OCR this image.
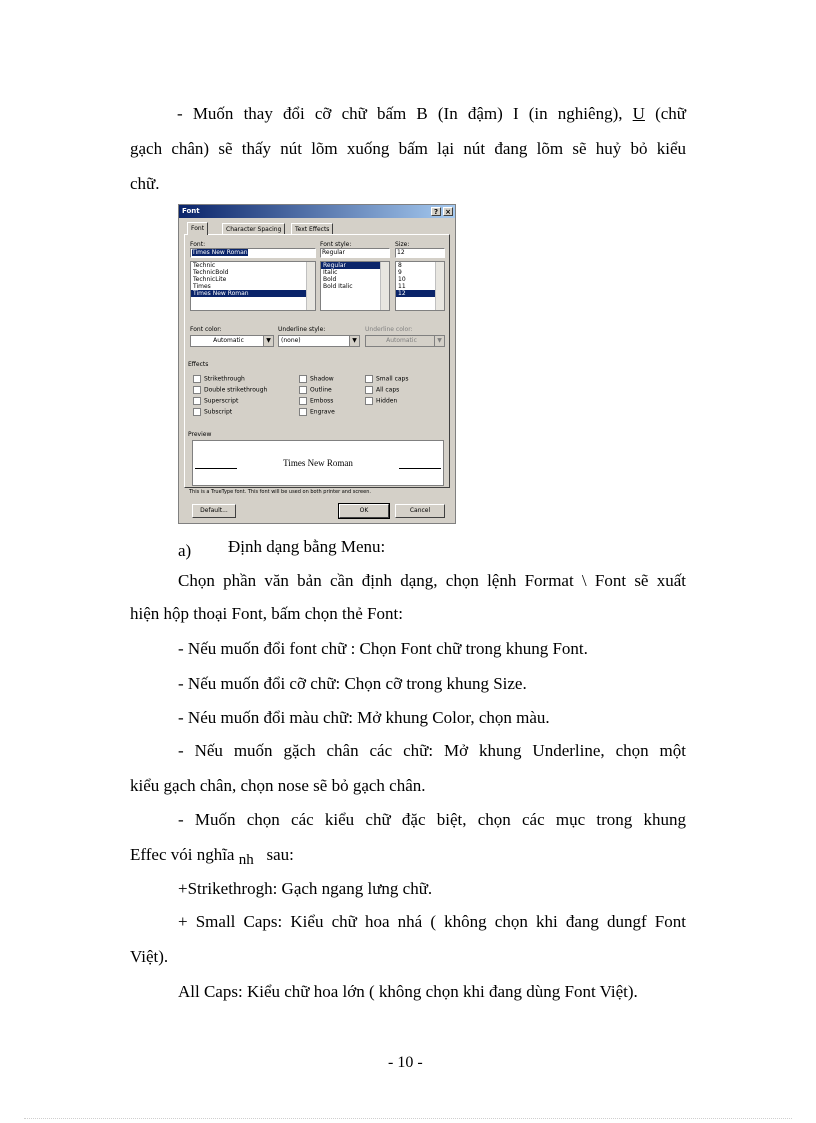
- Muốn thay đổi cỡ chữ bấm B (In đậm) I (in nghiêng), U (chữ
gạch chân) sẽ thấy nút lõm xuống bấm lại nút đang lõm sẽ huỷ bỏ kiểu
chữ.
Font	?	×
Font	Character Spacing	Text Effects
Font:
Times New Roman
Technic
TechnicBold
TechnicLite
Times
Times New Roman
Font style:
Regular
Regular
Italic
Bold
Bold Italic
Size:
12
8
9
10
11
12
Font color:
Automatic	▼
Underline style:
(none)	▼
Underline color:
Automatic	▼
Effects
Strikethrough
Double strikethrough
Superscript
Subscript
Shadow
Outline
Emboss
Engrave
Small caps
All caps
Hidden
Preview
Times New Roman
This is a TrueType font. This font will be used on both printer and screen.
Default...	OK	Cancel
a) Định dạng bằng Menu:
Chọn phần văn bản cần định dạng, chọn lệnh Format \ Font sẽ xuất
hiện hộp thoại Font, bấm chọn thẻ Font:
- Nếu muốn đổi font chữ : Chọn Font chữ trong khung Font.
- Nếu muốn đổi cỡ chữ: Chọn cỡ trong khung Size.
- Néu muốn đổi màu chữ: Mở khung Color, chọn màu.
- Nếu muốn gặch chân các chữ: Mở khung Underline, chọn một
kiểu gạch chân, chọn nose sẽ bỏ gạch chân.
- Muốn chọn các kiểu chữ đặc biệt, chọn các mục trong khung
Effec vói nghĩa nh sau:
+Strikethrogh: Gạch ngang lưng chữ.
+ Small Caps: Kiểu chữ hoa nhá ( không chọn khi đang dungf Font
Việt).
All Caps: Kiểu chữ hoa lớn ( không chọn khi đang dùng Font Việt).
- 10 -
